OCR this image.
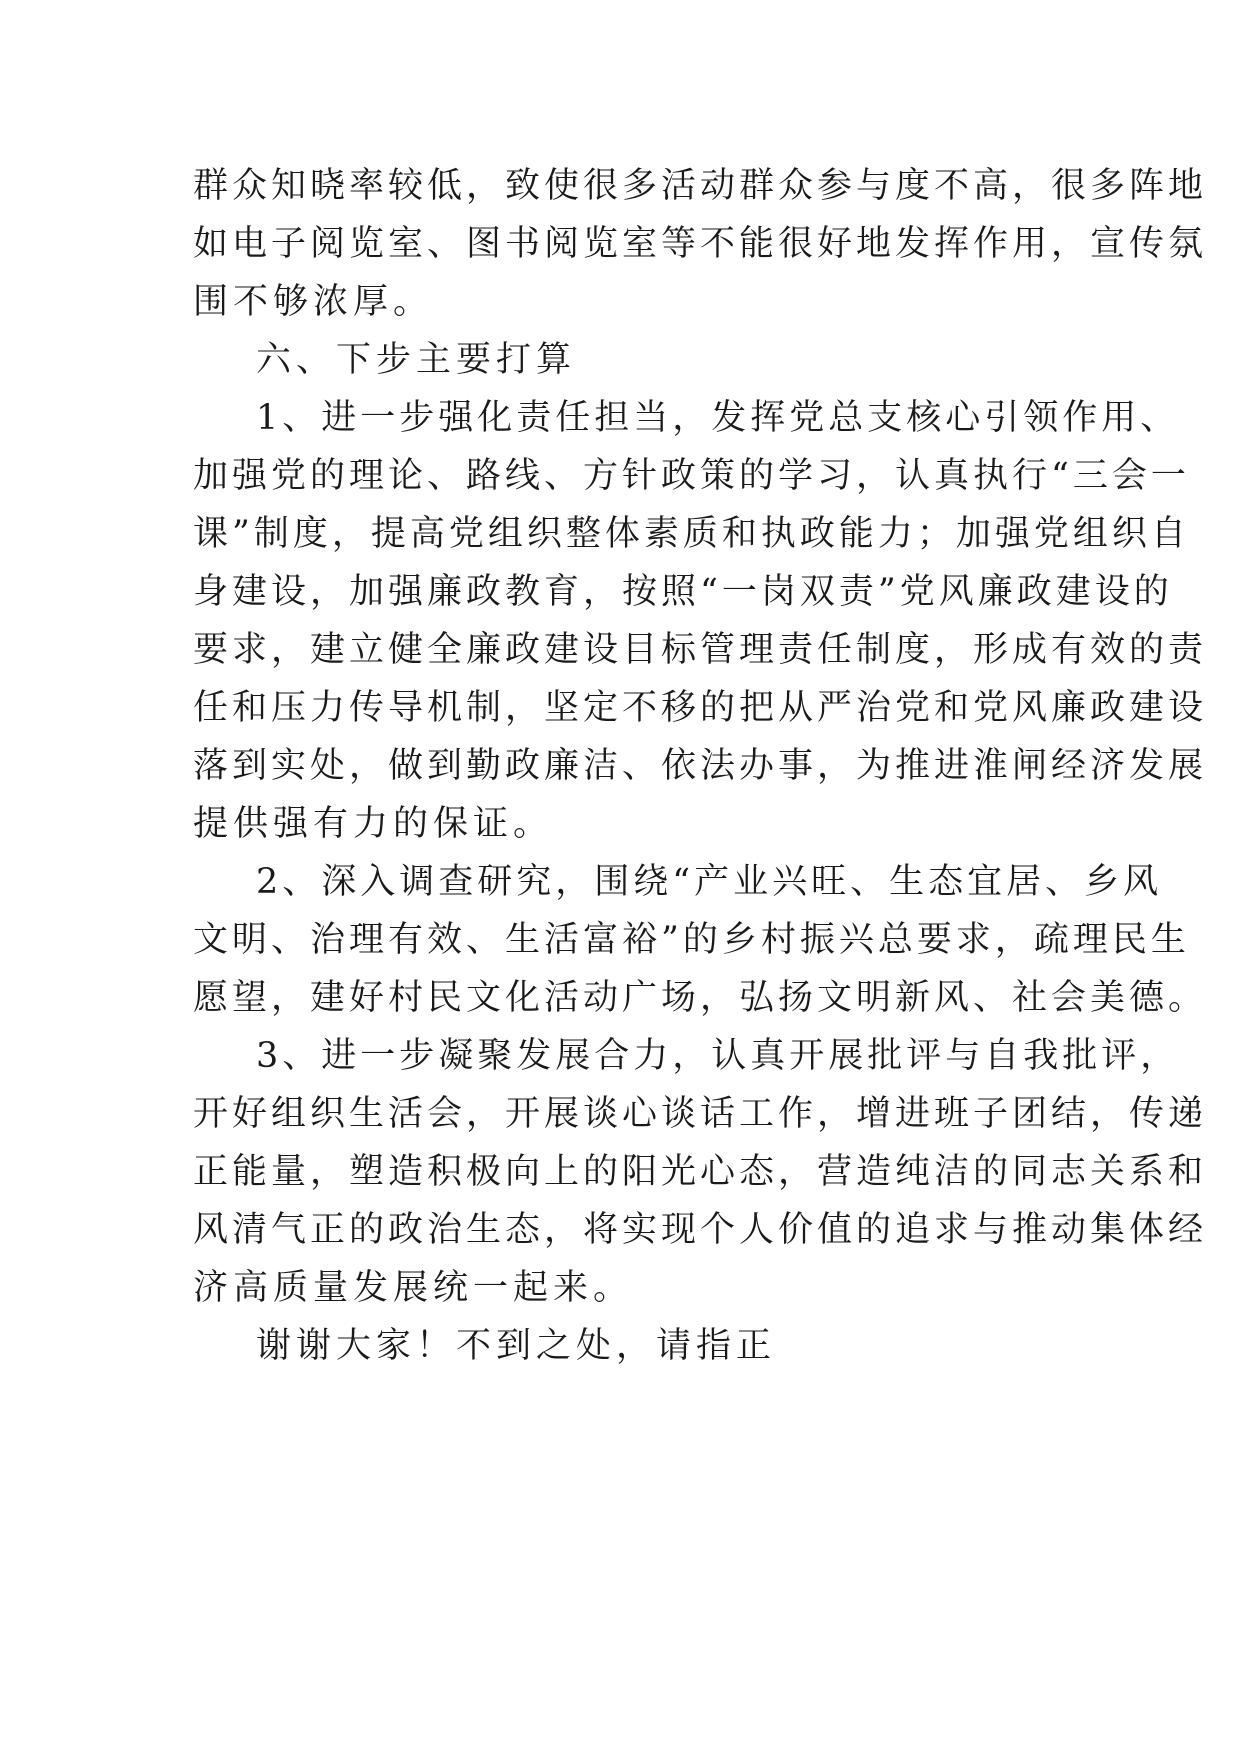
群众知晓率较低，致使很多活动群众参与度不高，很多阵地
如电子阅览室、图书阅览室等不能很好地发挥作用，宣传氛
围不够浓厚。
六、下步主要打算
1、进一步强化责任担当，发挥党总支核心引领作用、
加强党的理论、路线、方针政策的学习，认真执行“三会一
课”制度，提高党组织整体素质和执政能力；加强党组织自
身建设，加强廉政教育，按照“一岗双责”党风廉政建设的
要求，建立健全廉政建设目标管理责任制度，形成有效的责
任和压力传导机制，坚定不移的把从严治党和党风廉政建设
落到实处，做到勤政廉洁、依法办事，为推进淮闸经济发展
提供强有力的保证。
2、深入调查研究，围绕“产业兴旺、生态宜居、乡风
文明、治理有效、生活富裕”的乡村振兴总要求，疏理民生
愿望，建好村民文化活动广场，弘扬文明新风、社会美德。
3、进一步凝聚发展合力，认真开展批评与自我批评，
开好组织生活会，开展谈心谈话工作，增进班子团结，传递
正能量，塑造积极向上的阳光心态，营造纯洁的同志关系和
风清气正的政治生态，将实现个人价值的追求与推动集体经
济高质量发展统一起来。
谢谢大家！不到之处，请指正
